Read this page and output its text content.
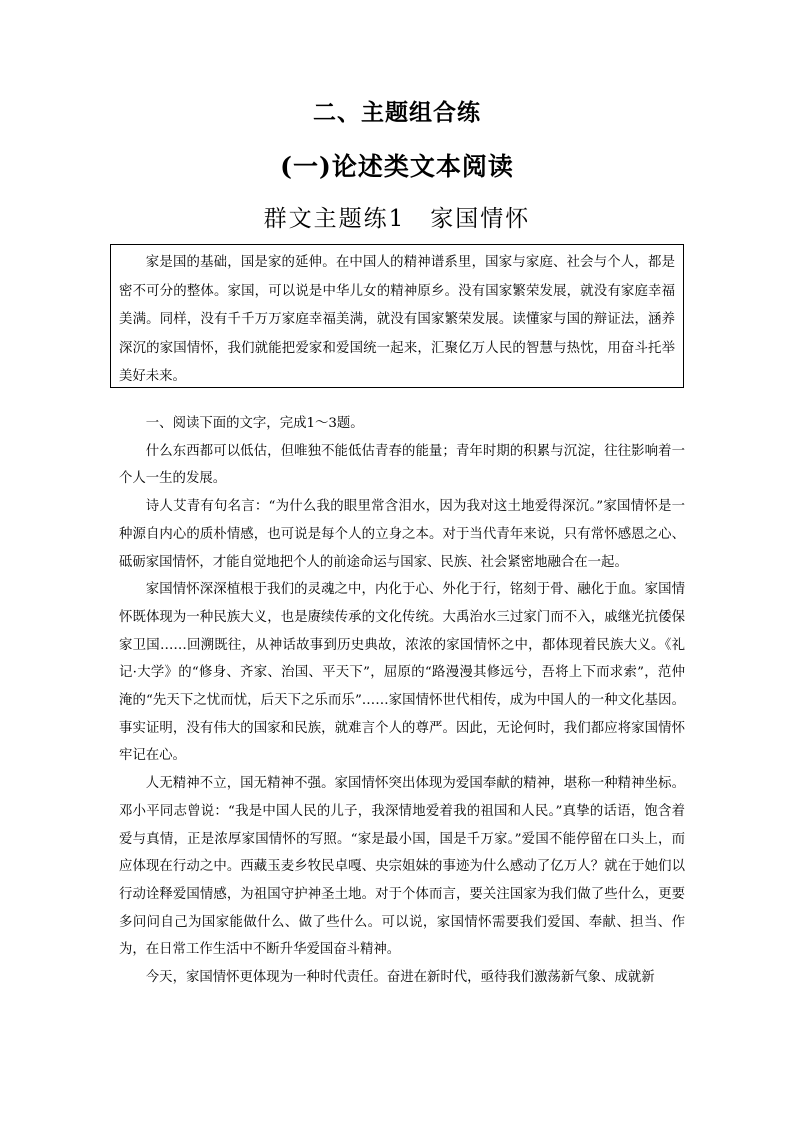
二、主题组合练
(一)论述类文本阅读
群文主题练1　家国情怀
家是国的基础，国是家的延伸。在中国人的精神谱系里，国家与家庭、社会与个人，都是密不可分的整体。家国，可以说是中华儿女的精神原乡。没有国家繁荣发展，就没有家庭幸福美满。同样，没有千千万万家庭幸福美满，就没有国家繁荣发展。读懂家与国的辩证法，涵养深沉的家国情怀，我们就能把爱家和爱国统一起来，汇聚亿万人民的智慧与热忱，用奋斗托举美好未来。

一、阅读下面的文字，完成1～3题。

什么东西都可以低估，但唯独不能低估青春的能量；青年时期的积累与沉淀，往往影响着一个人一生的发展。

诗人艾青有句名言：“为什么我的眼里常含泪水，因为我对这土地爱得深沉。”家国情怀是一种源自内心的质朴情感，也可说是每个人的立身之本。对于当代青年来说，只有常怀感恩之心、砥砺家国情怀，才能自觉地把个人的前途命运与国家、民族、社会紧密地融合在一起。

家国情怀深深植根于我们的灵魂之中，内化于心、外化于行，铭刻于骨、融化于血。家国情怀既体现为一种民族大义，也是赓续传承的文化传统。大禹治水三过家门而不入，戚继光抗倭保家卫国……回溯既往，从神话故事到历史典故，浓浓的家国情怀之中，都体现着民族大义。《礼记·大学》的“修身、齐家、治国、平天下”，屈原的“路漫漫其修远兮，吾将上下而求索”，范仲淹的“先天下之忧而忧，后天下之乐而乐”……家国情怀世代相传，成为中国人的一种文化基因。事实证明，没有伟大的国家和民族，就难言个人的尊严。因此，无论何时，我们都应将家国情怀牢记在心。

人无精神不立，国无精神不强。家国情怀突出体现为爱国奉献的精神，堪称一种精神坐标。邓小平同志曾说：“我是中国人民的儿子，我深情地爱着我的祖国和人民。”真挚的话语，饱含着爱与真情，正是浓厚家国情怀的写照。“家是最小国，国是千万家。”爱国不能停留在口头上，而应体现在行动之中。西藏玉麦乡牧民卓嘎、央宗姐妹的事迹为什么感动了亿万人？就在于她们以行动诠释爱国情感，为祖国守护神圣土地。对于个体而言，要关注国家为我们做了些什么，更要多问问自己为国家能做什么、做了些什么。可以说，家国情怀需要我们爱国、奉献、担当、作为，在日常工作生活中不断升华爱国奋斗精神。

今天，家国情怀更体现为一种时代责任。奋进在新时代，亟待我们激荡新气象、成就新
